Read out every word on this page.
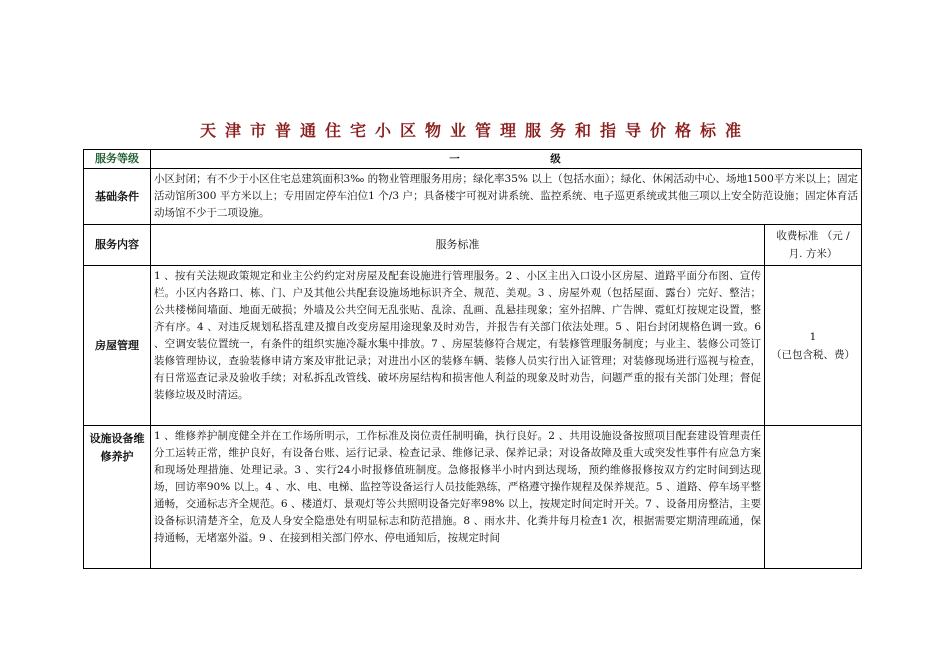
天津市普通住宅小区物业管理服务和指导价格标准
服务等级	一　级	
基础条件	小区封闭；有不少于小区住宅总建筑面积3‰ 的物业管理服务用房；绿化率35% 以上（包括水面）；绿化、休闲活动中心、场地1500平方米以上；固定活动馆所300 平方米以上；专用固定停车泊位1 个/3 户；具备楼宇可视对讲系统、监控系统、电子巡更系统或其他三项以上安全防范设施；固定体育活动场馆不少于二项设施。	
服务内容	服务标准	收费标准 （元 / 月. 方米）
房屋管理	1 、按有关法规政策规定和业主公约约定对房屋及配套设施进行管理服务。2 、小区主出入口设小区房屋、道路平面分布图、宣传栏。小区内各路口、栋、门、户及其他公共配套设施场地标识齐全、规范、美观。3 、房屋外观（包括屋面、露台）完好、整洁；公共楼梯间墙面、地面无破损；外墙及公共空间无乱张贴、乱涂、乱画、乱悬挂现象；室外招牌、广告牌、霓虹灯按规定设置，整齐有序。4 、对违反规划私搭乱建及擅自改变房屋用途现象及时劝告，并报告有关部门依法处理。5 、阳台封闭规格色调一致。6 、空调安装位置统一，有条件的组织实施冷凝水集中排放。7 、房屋装修符合规定，有装修管理服务制度；与业主、装修公司签订装修管理协议，查验装修申请方案及审批记录；对进出小区的装修车辆、装修人员实行出入证管理；对装修现场进行巡视与检查，有日常巡查记录及验收手续；对私拆乱改管线、破坏房屋结构和损害他人利益的现象及时劝告，问题严重的报有关部门处理；督促装修垃圾及时清运。	1
（已包含税、费）

设施设备维修养护	1 、维修养护制度健全并在工作场所明示，工作标准及岗位责任制明确，执行良好。2 、共用设施设备按照项目配套建设管理责任分工运转正常，维护良好，有设备台账、运行记录、检查记录、维修记录、保养记录；对设备故障及重大或突发性事件有应急方案和现场处理措施、处理记录。3 、实行24小时报修值班制度。急修报修半小时内到达现场，预约维修报修按双方约定时间到达现场，回访率90% 以上。4 、水、电、电梯、监控等设备运行人员技能熟练，严格遵守操作规程及保养规范。5 、道路、停车场平整通畅，交通标志齐全规范。6 、楼道灯、景观灯等公共照明设备完好率98% 以上，按规定时间定时开关。7 、设备用房整洁，主要设备标识清楚齐全，危及人身安全隐患处有明显标志和防范措施。8 、雨水井、化粪井每月检查1 次，根据需要定期清理疏通，保持通畅，无堵塞外溢。9 、在接到相关部门停水、停电通知后，按规定时间	
